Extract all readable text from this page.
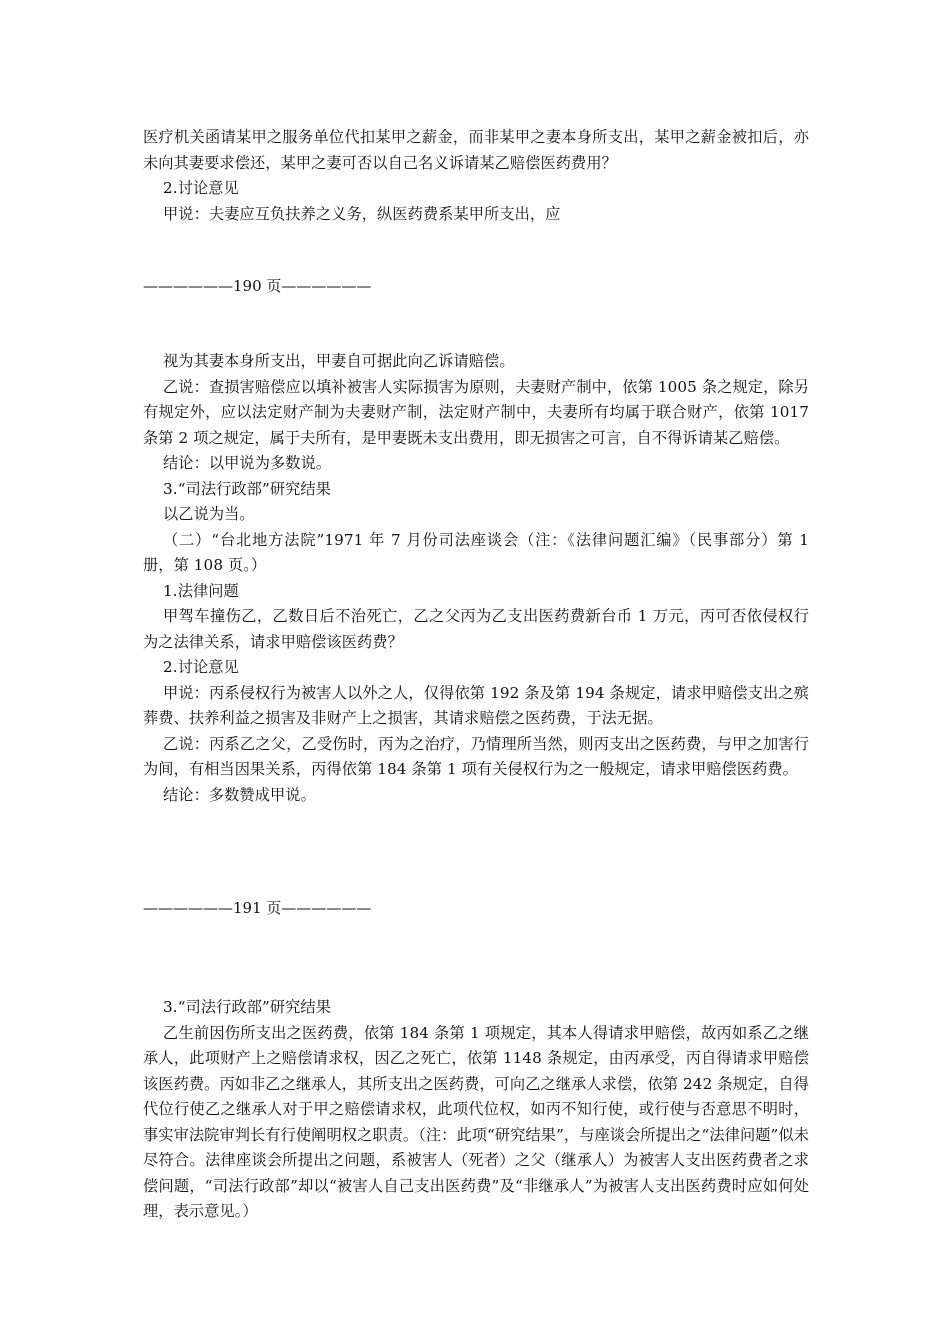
医疗机关函请某甲之服务单位代扣某甲之薪金，而非某甲之妻本身所支出，某甲之薪金被扣后，亦未向其妻要求偿还，某甲之妻可否以自己名义诉请某乙赔偿医药费用？

2.讨论意见

甲说：夫妻应互负扶养之义务，纵医药费系某甲所支出，应

——————190 页——————

视为其妻本身所支出，甲妻自可据此向乙诉请赔偿。

乙说：查损害赔偿应以填补被害人实际损害为原则，夫妻财产制中，依第 1005 条之规定，除另有规定外，应以法定财产制为夫妻财产制，法定财产制中，夫妻所有均属于联合财产，依第 1017 条第 2 项之规定，属于夫所有，是甲妻既未支出费用，即无损害之可言，自不得诉请某乙赔偿。

结论：以甲说为多数说。

3.“司法行政部”研究结果

以乙说为当。

（二）“台北地方法院”1971 年 7 月份司法座谈会（注：《法律问题汇编》（民事部分）第 1 册，第 108 页。）

1.法律问题

甲驾车撞伤乙，乙数日后不治死亡，乙之父丙为乙支出医药费新台币 1 万元，丙可否依侵权行为之法律关系，请求甲赔偿该医药费？

2.讨论意见

甲说：丙系侵权行为被害人以外之人，仅得依第 192 条及第 194 条规定，请求甲赔偿支出之殡葬费、扶养利益之损害及非财产上之损害，其请求赔偿之医药费，于法无据。

乙说：丙系乙之父，乙受伤时，丙为之治疗，乃情理所当然，则丙支出之医药费，与甲之加害行为间，有相当因果关系，丙得依第 184 条第 1 项有关侵权行为之一般规定，请求甲赔偿医药费。

结论：多数赞成甲说。

——————191 页——————

3.“司法行政部”研究结果

乙生前因伤所支出之医药费，依第 184 条第 1 项规定，其本人得请求甲赔偿，故丙如系乙之继承人，此项财产上之赔偿请求权，因乙之死亡，依第 1148 条规定，由丙承受，丙自得请求甲赔偿该医药费。丙如非乙之继承人，其所支出之医药费，可向乙之继承人求偿，依第 242 条规定，自得代位行使乙之继承人对于甲之赔偿请求权，此项代位权，如丙不知行使，或行使与否意思不明时，事实审法院审判长有行使阐明权之职责。（注：此项“研究结果”，与座谈会所提出之“法律问题”似未尽符合。法律座谈会所提出之问题，系被害人（死者）之父（继承人）为被害人支出医药费者之求偿问题，“司法行政部”却以“被害人自己支出医药费”及“非继承人”为被害人支出医药费时应如何处理，表示意见。）
